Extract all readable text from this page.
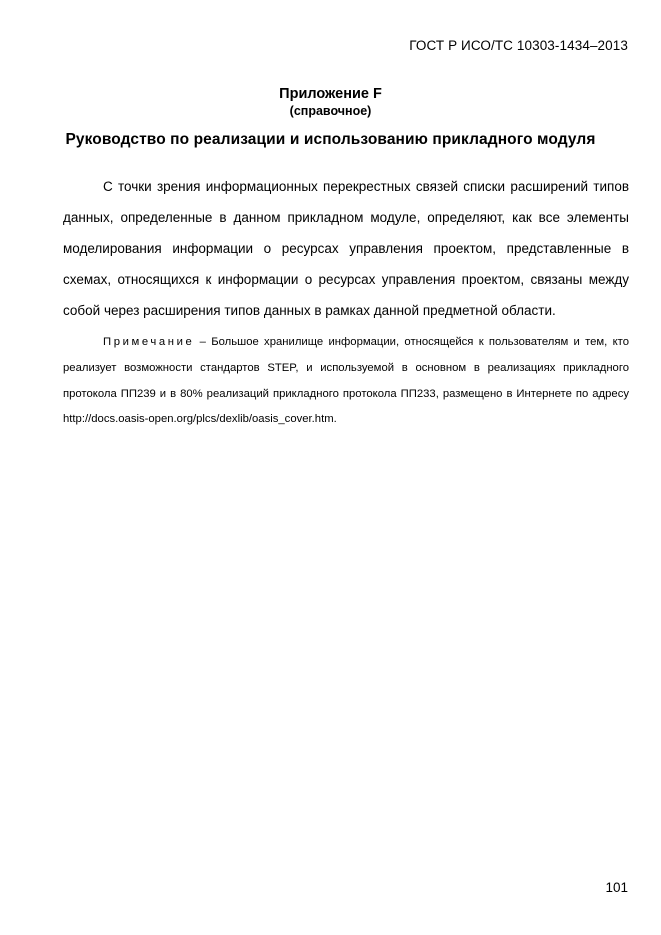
ГОСТ Р ИСО/ТС 10303-1434–2013
Приложение F
(справочное)
Руководство по реализации и использованию прикладного модуля

С точки зрения информационных перекрестных связей списки расширений типов данных, определенные в данном прикладном модуле, определяют, как все элементы моделирования информации о ресурсах управления проектом, представленные в схемах, относящихся к информации о ресурсах управления проектом, связаны между собой через расширения типов данных в рамках данной предметной области.

Примечание – Большое хранилище информации, относящейся к пользователям и тем, кто реализует возможности стандартов STEP, и используемой в основном в реализациях прикладного протокола ПП239 и в 80% реализаций прикладного протокола ПП233, размещено в Интернете по адресу http://docs.oasis-open.org/plcs/dexlib/oasis_cover.htm.

101
